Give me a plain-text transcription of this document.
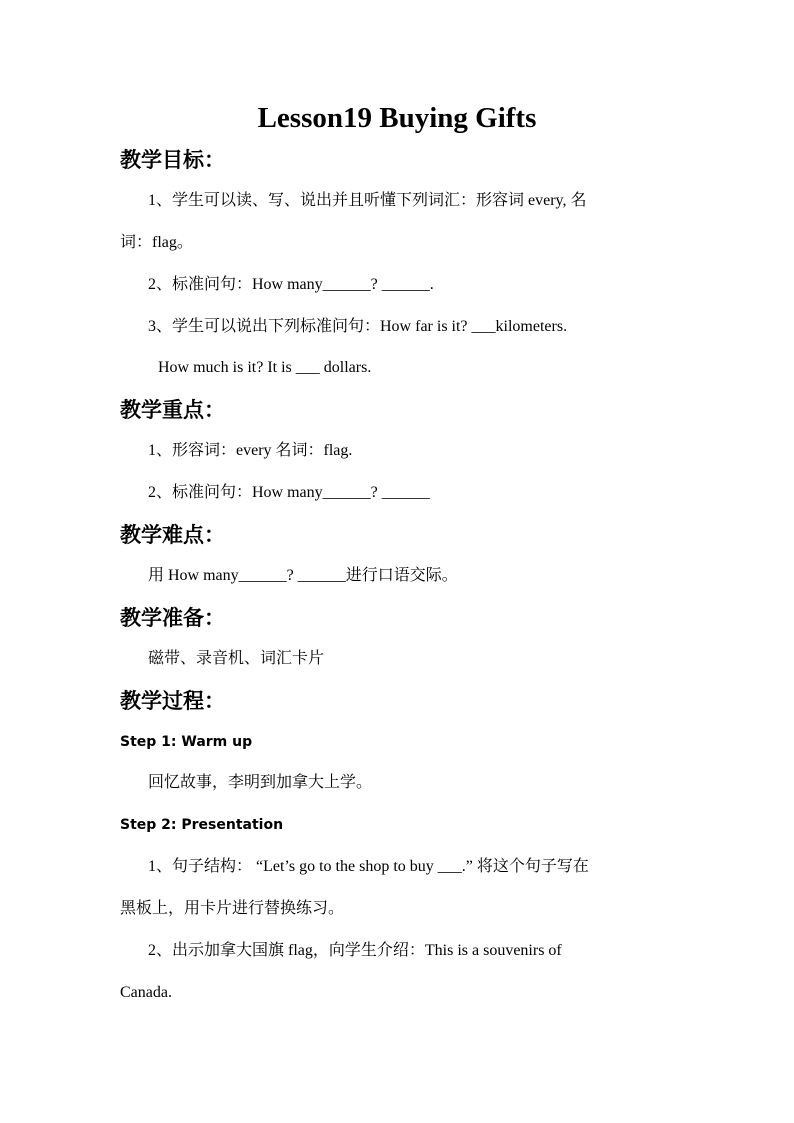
Lesson19 Buying Gifts
教学目标：
1、学生可以读、写、说出并且听懂下列词汇：形容词 every, 名
词：flag。
2、标准问句：How many______? ______.
3、学生可以说出下列标准问句：How far is it? ___kilometers.
How much is it? It is ___ dollars.
教学重点：
1、形容词：every 名词：flag.
2、标准问句：How many______? ______
教学难点：
用 How many______? ______进行口语交际。
教学准备：
磁带、录音机、词汇卡片
教学过程：
Step 1: Warm up
回忆故事，李明到加拿大上学。
Step 2: Presentation
1、句子结构： “Let’s go to the shop to buy ___.” 将这个句子写在
黑板上，用卡片进行替换练习。
2、出示加拿大国旗 flag，向学生介绍：This is a souvenirs of
Canada.
